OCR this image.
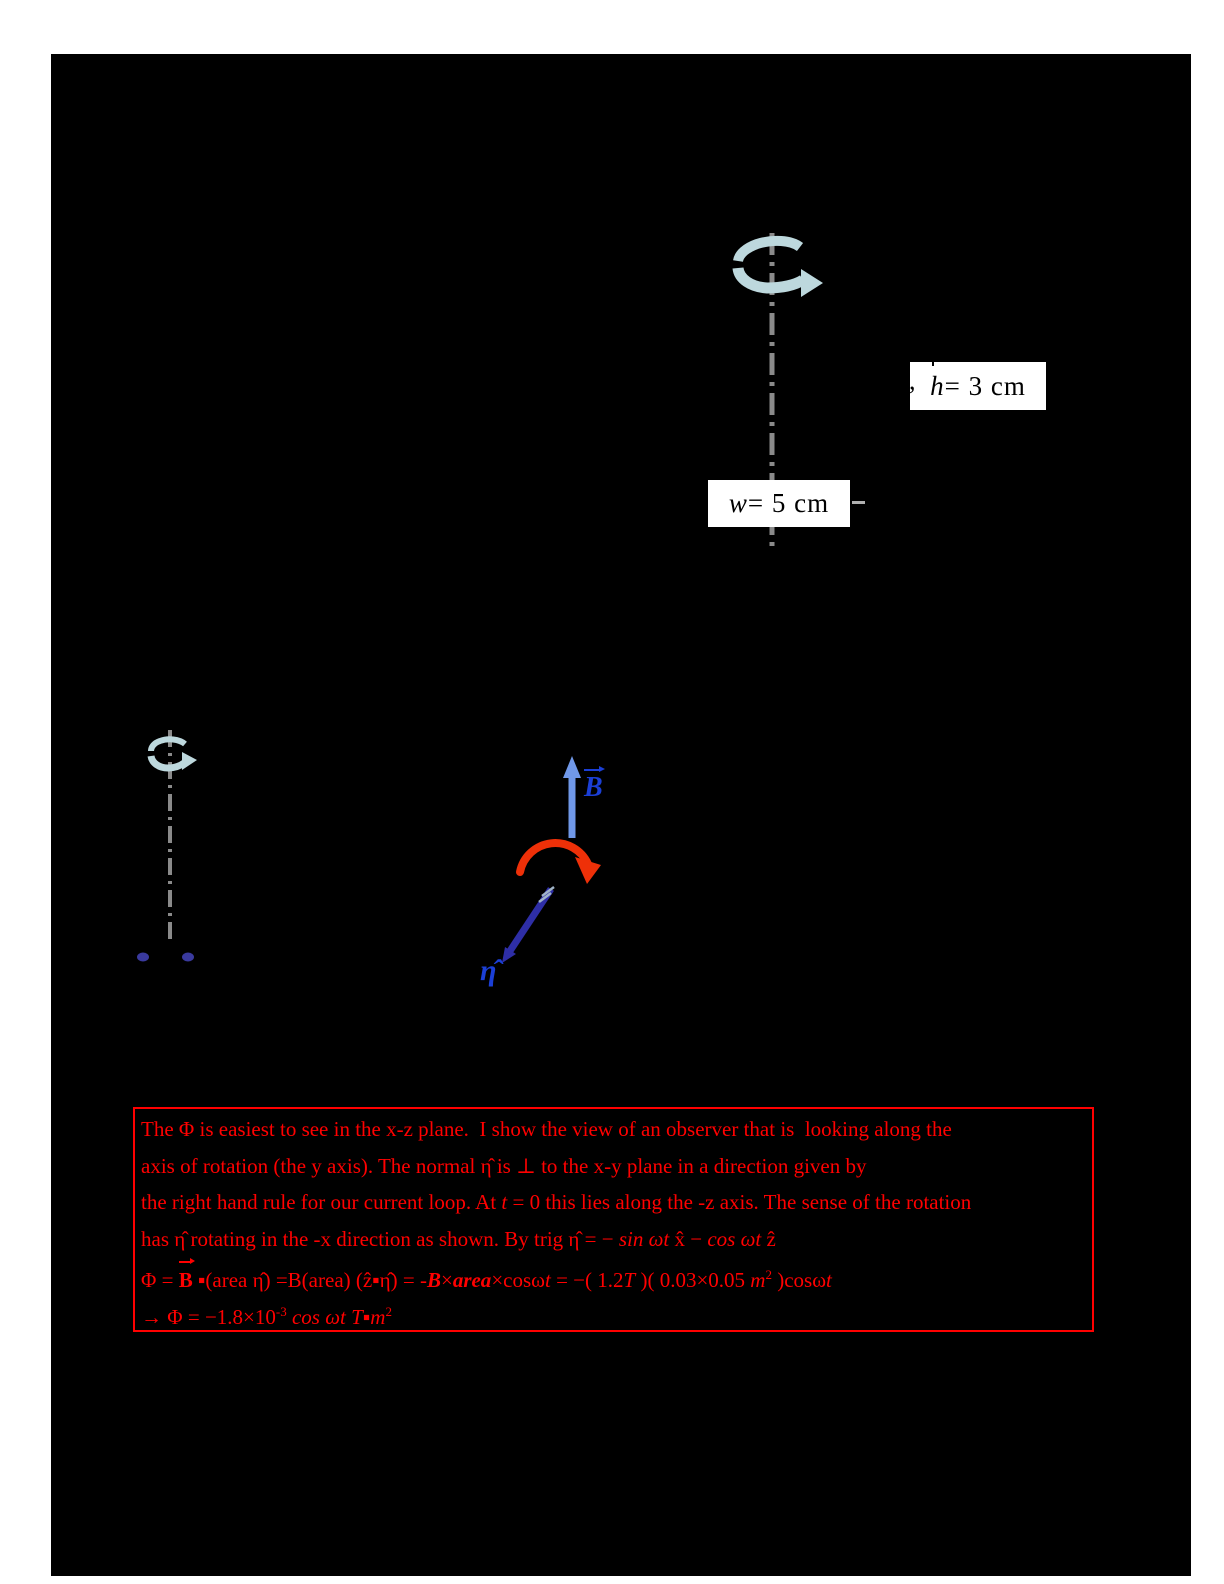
h = 3 cm
,
w = 5 cm
B
η̂
The Φ is easiest to see in the x-z plane.  I show the view of an observer that is  looking along the
axis of rotation (the y axis). The normal η̂ is ⊥ to the x-y plane in a direction given by
the right hand rule for our current loop. At t = 0 this lies along the -z axis. The sense of the rotation
has η̂ rotating in the -x direction as shown. By trig η̂ = − sin ωt x̂ − cos ωt ẑ
Φ = B ▪(area η̂) =B(area) (ẑ▪η̂) = -B×area×cosωt = −( 1.2T )( 0.03×0.05 $m^2$ )cosωt
→ $\Phi = -1.8\times 10^{-3}$ cos ωt $T▪m^2$
